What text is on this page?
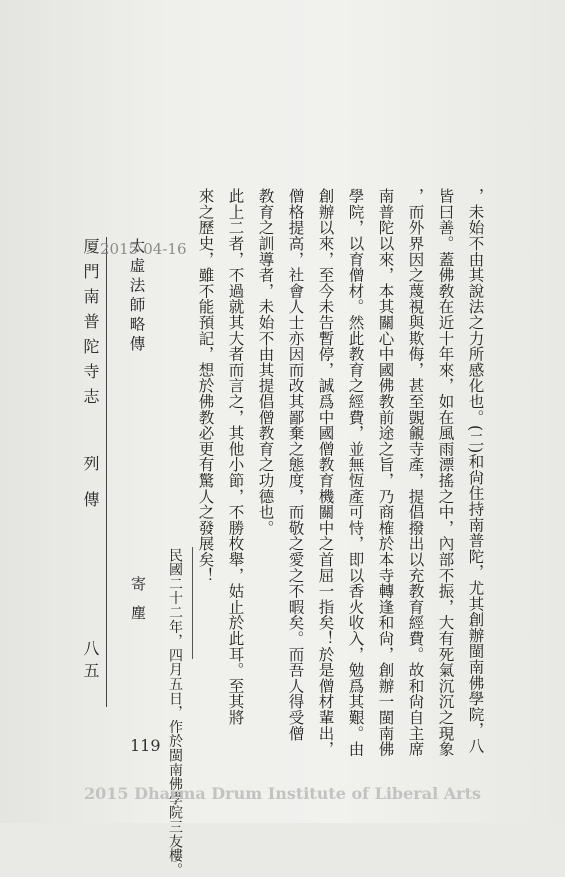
，未始不由其說法之力所感化也。(二)和尙住持南普陀，尤其創辦閩南佛學院，八
皆曰善。蓋佛敎在近十年來，如在風雨漂搖之中，內部不振，大有死氣沉沉之現象
，而外界因之蔑視與欺侮，甚至覬覦寺產，提倡撥出以充教育經費。故和尙自主席
南普陀以來，本其關心中國佛教前途之旨，乃商榷於本寺轉逢和尙，創辦一閩南佛
學院，以育僧材。然此教育之經費，並無恆產可恃，即以香火收入，勉爲其艱。由
創辦以來，至今未告暫停，誠爲中國僧教育機關中之首屈一指矣！於是僧材輩出，
僧格提高，社會人士亦因而改其鄙棄之態度，而敬之愛之不暇矣。而吾人得受僧
教育之訓導者，未始不由其提倡僧教育之功德也。
此上二者，不過就其大者而言之，其他小節，不勝枚舉，姑止於此耳。至其將
來之歷史，雖不能預記，想於佛教必更有驚人之發展矣！
寄塵 民國二十二年，四月五日，作於閩南佛學院三友樓。
厦門南普陀寺志
列傳
八五
太虛法師略傳
2015-04-16
119
2015 Dharma Drum Institute of Liberal Arts
